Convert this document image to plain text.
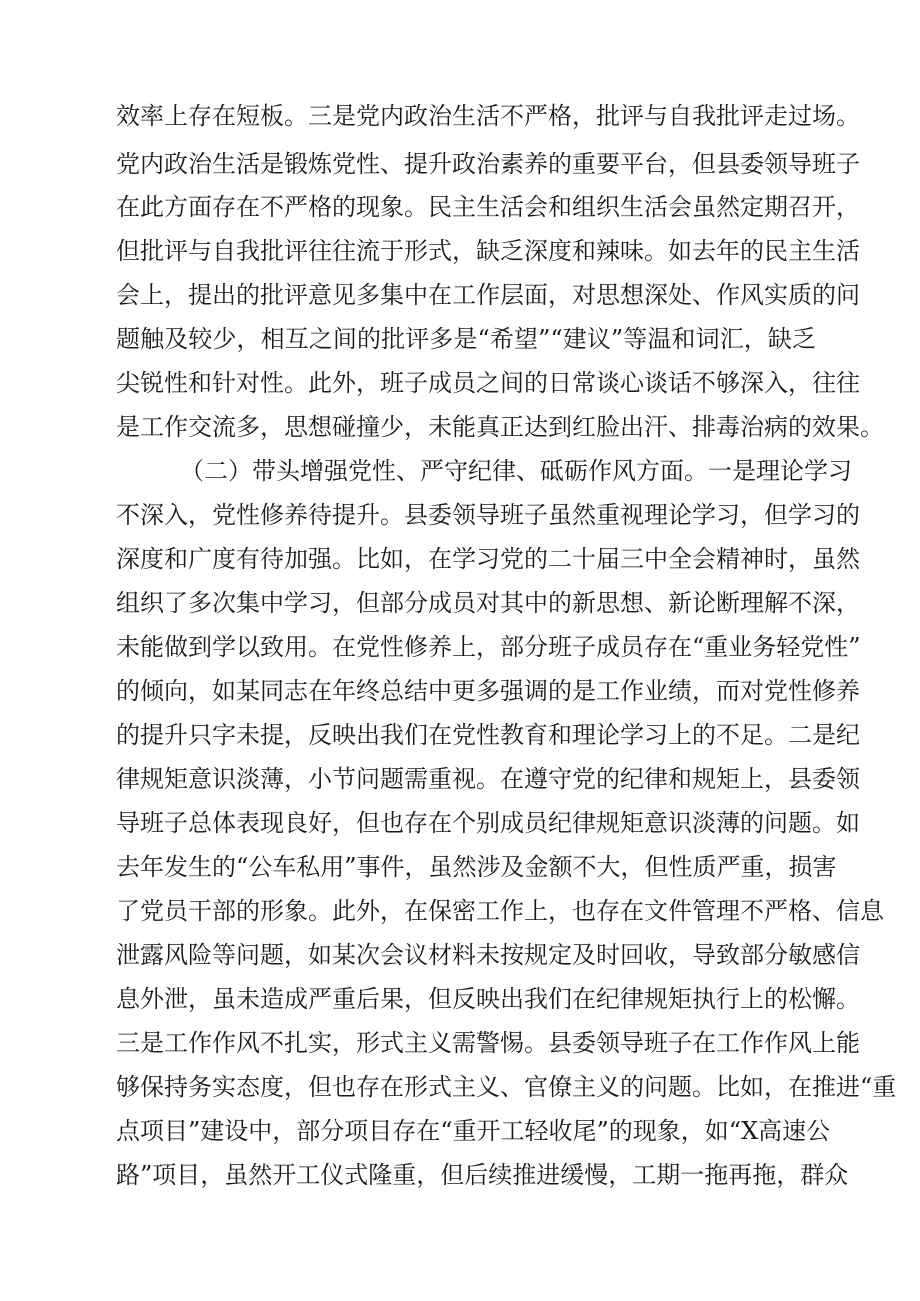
效率上存在短板。三是党内政治生活不严格，批评与自我批评走过场。
党内政治生活是锻炼党性、提升政治素养的重要平台，但县委领导班子
在此方面存在不严格的现象。民主生活会和组织生活会虽然定期召开，
但批评与自我批评往往流于形式，缺乏深度和辣味。如去年的民主生活
会上，提出的批评意见多集中在工作层面，对思想深处、作风实质的问
题触及较少，相互之间的批评多是“希望”“建议”等温和词汇，缺乏
尖锐性和针对性。此外，班子成员之间的日常谈心谈话不够深入，往往
是工作交流多，思想碰撞少，未能真正达到红脸出汗、排毒治病的效果。
（二）带头增强党性、严守纪律、砥砺作风方面。一是理论学习
不深入，党性修养待提升。县委领导班子虽然重视理论学习，但学习的
深度和广度有待加强。比如，在学习党的二十届三中全会精神时，虽然
组织了多次集中学习，但部分成员对其中的新思想、新论断理解不深，
未能做到学以致用。在党性修养上，部分班子成员存在“重业务轻党性”
的倾向，如某同志在年终总结中更多强调的是工作业绩，而对党性修养
的提升只字未提，反映出我们在党性教育和理论学习上的不足。二是纪
律规矩意识淡薄，小节问题需重视。在遵守党的纪律和规矩上，县委领
导班子总体表现良好，但也存在个别成员纪律规矩意识淡薄的问题。如
去年发生的“公车私用”事件，虽然涉及金额不大，但性质严重，损害
了党员干部的形象。此外，在保密工作上，也存在文件管理不严格、信息
泄露风险等问题，如某次会议材料未按规定及时回收，导致部分敏感信
息外泄，虽未造成严重后果，但反映出我们在纪律规矩执行上的松懈。
三是工作作风不扎实，形式主义需警惕。县委领导班子在工作作风上能
够保持务实态度，但也存在形式主义、官僚主义的问题。比如，在推进“重
点项目”建设中，部分项目存在“重开工轻收尾”的现象，如“X高速公
路”项目，虽然开工仪式隆重，但后续推进缓慢，工期一拖再拖，群众
